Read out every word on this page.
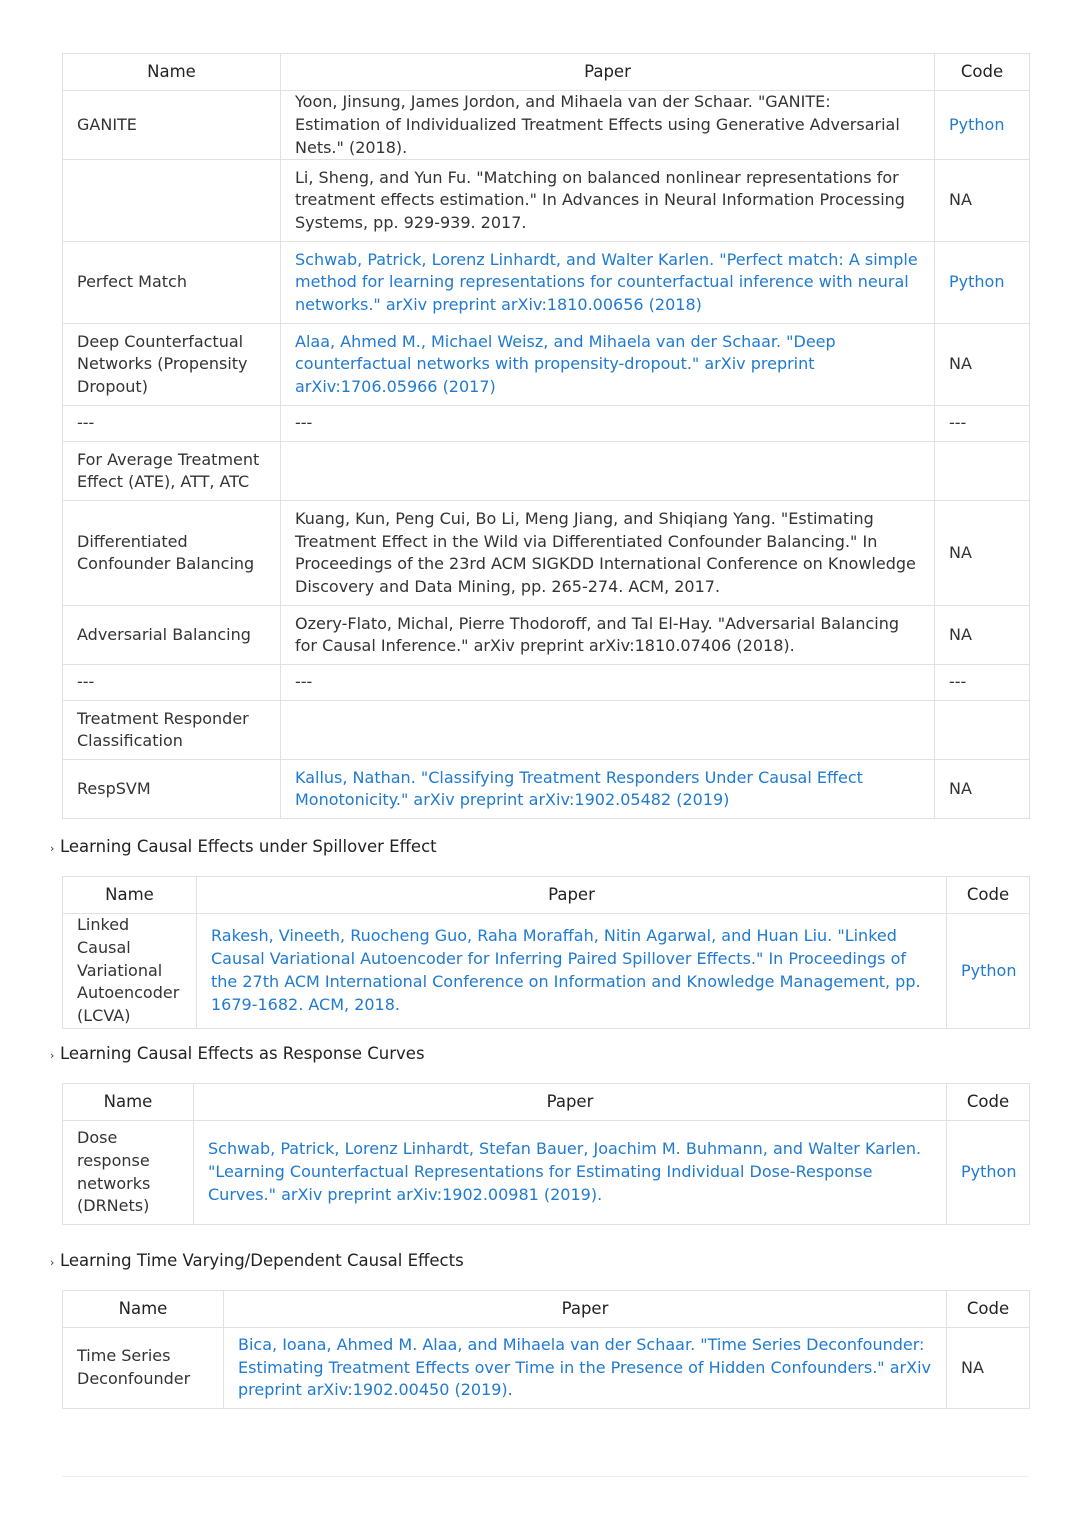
Name	Paper	Code
GANITE	Yoon, Jinsung, James Jordon, and Mihaela van der Schaar. "GANITE: Estimation of Individualized Treatment Effects using Generative Adversarial Nets." (2018).	Python
	Li, Sheng, and Yun Fu. "Matching on balanced nonlinear representations for treatment effects estimation." In Advances in Neural Information Processing Systems, pp. 929-939. 2017.	NA
Perfect Match	Schwab, Patrick, Lorenz Linhardt, and Walter Karlen. "Perfect match: A simple method for learning representations for counterfactual inference with neural networks." arXiv preprint arXiv:1810.00656 (2018)	Python
Deep Counterfactual Networks (Propensity Dropout)	Alaa, Ahmed M., Michael Weisz, and Mihaela van der Schaar. "Deep counterfactual networks with propensity-dropout." arXiv preprint arXiv:1706.05966 (2017)	NA
---	---	---
For Average Treatment Effect (ATE), ATT, ATC		
Differentiated Confounder Balancing	Kuang, Kun, Peng Cui, Bo Li, Meng Jiang, and Shiqiang Yang. "Estimating Treatment Effect in the Wild via Differentiated Confounder Balancing." In Proceedings of the 23rd ACM SIGKDD International Conference on Knowledge Discovery and Data Mining, pp. 265-274. ACM, 2017.	NA
Adversarial Balancing	Ozery-Flato, Michal, Pierre Thodoroff, and Tal El-Hay. "Adversarial Balancing for Causal Inference." arXiv preprint arXiv:1810.07406 (2018).	NA
---	---	---
Treatment Responder Classification		
RespSVM	Kallus, Nathan. "Classifying Treatment Responders Under Causal Effect Monotonicity." arXiv preprint arXiv:1902.05482 (2019)	NA
› Learning Causal Effects under Spillover Effect
Name	Paper	Code
Linked Causal Variational Autoencoder (LCVA)	Rakesh, Vineeth, Ruocheng Guo, Raha Moraffah, Nitin Agarwal, and Huan Liu. "Linked Causal Variational Autoencoder for Inferring Paired Spillover Effects." In Proceedings of the 27th ACM International Conference on Information and Knowledge Management, pp. 1679-1682. ACM, 2018.	Python
› Learning Causal Effects as Response Curves
Name	Paper	Code
Dose response networks (DRNets)	Schwab, Patrick, Lorenz Linhardt, Stefan Bauer, Joachim M. Buhmann, and Walter Karlen. "Learning Counterfactual Representations for Estimating Individual Dose-Response Curves." arXiv preprint arXiv:1902.00981 (2019).	Python
› Learning Time Varying/Dependent Causal Effects
Name	Paper	Code
Time Series Deconfounder	Bica, Ioana, Ahmed M. Alaa, and Mihaela van der Schaar. "Time Series Deconfounder: Estimating Treatment Effects over Time in the Presence of Hidden Confounders." arXiv preprint arXiv:1902.00450 (2019).	NA
